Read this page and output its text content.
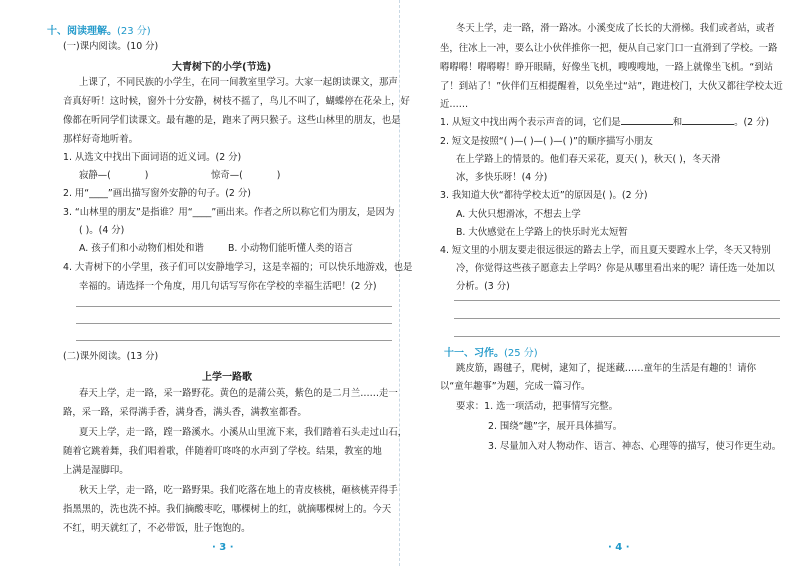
十、阅读理解。(23 分)
(一)课内阅读。(10 分)
大青树下的小学(节选)
上课了，不同民族的小学生，在同一间教室里学习。大家一起朗读课文，那声
音真好听！这时候，窗外十分安静，树枝不摇了，鸟儿不叫了，蝴蝶停在花朵上，好
像都在听同学们读课文。最有趣的是，跑来了两只猴子。这些山林里的朋友，也是
那样好奇地听着。
1. 从选文中找出下面词语的近义词。(2 分)
寂静—(	)	惊奇—(	)
2. 用“____”画出描写窗外安静的句子。(2 分)
3. “山林里的朋友”是指谁？用“____”画出来。作者之所以称它们为朋友，是因为
( )。(4 分)
A. 孩子们和小动物们相处和谐	B. 小动物们能听懂人类的语言
4. 大青树下的小学里，孩子们可以安静地学习，这是幸福的；可以快乐地游戏，也是
幸福的。请选择一个角度，用几句话写写你在学校的幸福生活吧！(2 分)
(二)课外阅读。(13 分)
上学一路歌
春天上学，走一路，采一路野花。黄色的是蒲公英，紫色的是二月兰……走一
路，采一路，采得满手香，满身香，满头香，满教室都香。
夏天上学，走一路，蹚一路溪水。小溪从山里流下来，我们踏着石头走过山石，
随着它跳着舞，我们唱着歌，伴随着叮咚咚的水声到了学校。结果，教室的地
上满是湿脚印。
秋天上学，走一路，吃一路野果。我们吃落在地上的青皮核桃，砸核桃弄得手
指黑黑的，洗也洗不掉。我们摘酸枣吃，哪棵树上的红，就摘哪棵树上的。今天
不红，明天就红了，不必带饭，肚子饱饱的。
· 3 ·
冬天上学，走一路，滑一路冰。小溪变成了长长的大滑梯。我们或者站，或者
坐，往冰上一冲，要么让小伙伴推你一把，便从自己家门口一直滑到了学校。一路
嘚嘚嘚！嘚嘚嘚！睁开眼睛，好像坐飞机，嗖嗖嗖地，一路上就像坐飞机。“到站
了！到站了！”伙伴们互相提醒着，以免坐过“站”，跑进校门，大伙又都往学校太近
近……
1. 从短文中找出两个表示声音的词，它们是	和	。(2 分)
2. 短文是按照“( )—( )—( )—( )”的顺序描写小朋友
在上学路上的情景的。他们春天采花，夏天( )，秋天( )，冬天滑
冰，多快乐呀！(4 分)
3. 我知道大伙“都待学校太近”的原因是( )。(2 分)
A. 大伙只想滑冰，不想去上学
B. 大伙感觉在上学路上的快乐时光太短暂
4. 短文里的小朋友要走很远很远的路去上学，而且夏天要蹚水上学，冬天又特别
冷，你觉得这些孩子愿意去上学吗？你是从哪里看出来的呢？请任选一处加以
分析。(3 分)
十一、习作。(25 分)
跳皮筋，踢毽子，爬树，逮知了，捉迷藏……童年的生活是有趣的！请你
以“童年趣事”为题，完成一篇习作。
要求：1. 选一项活动，把事情写完整。
2. 围绕“趣”字，展开具体描写。
3. 尽量加入对人物动作、语言、神态、心理等的描写，使习作更生动。
· 4 ·
